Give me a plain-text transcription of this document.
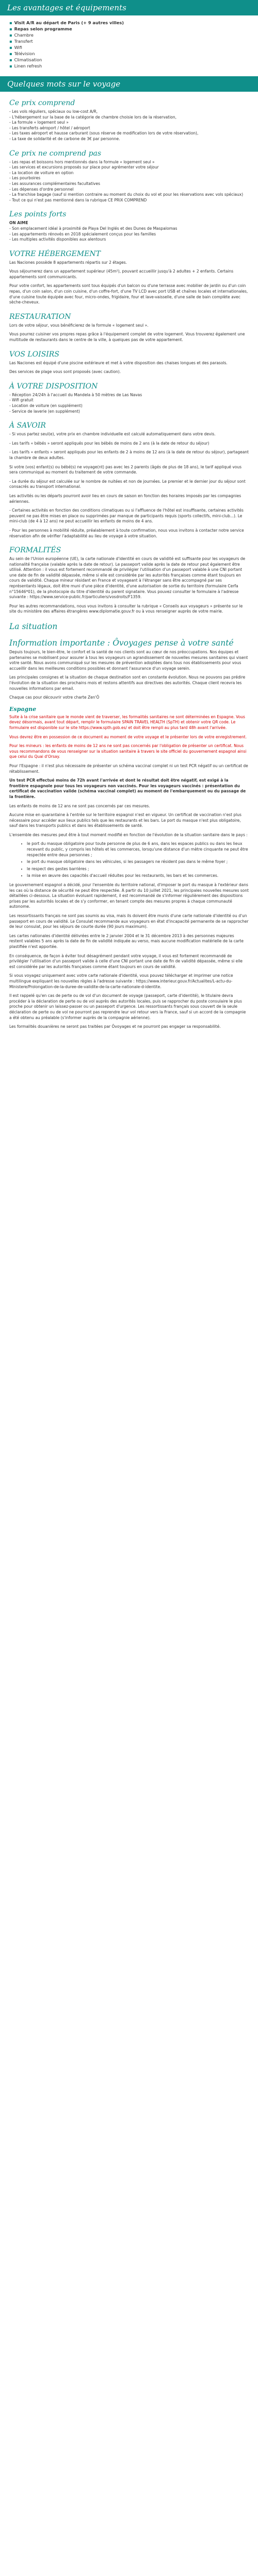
Les avantages et équipements
▪ Visit A/R au départ de Paris (+ 9 autres villes)
▪ Repas selon programme
▪ Chambre
▪ Transfert
▪ Wifi
▪ Télévision
▪ Climatisation
▪ Linen refresh
Quelques mots sur le voyage
Ce prix comprend

- Les vols réguliers, spéciaux ou low-cost A/R,

- L'hébergement sur la base de la catégorie de chambre choisie lors de la réservation,

- La formule « logement seul »

- Les transferts aéroport / hôtel / aéroport

- Les taxes aéroport et hausse carburant (sous réserve de modification lors de votre réservation),

- La taxe de solidarité et de carbone de 3€ par personne.

Ce prix ne comprend pas

- Les repas et boissons hors mentionnés dans la formule « logement seul »

- Les services et excursions proposés sur place pour agrémenter votre séjour

- La location de voiture en option

- Les pourboires

- Les assurances complémentaires facultatives

- Les dépenses d'ordre personnel

- La franchise bagage (sauf si mention contraire au moment du choix du vol et pour les réservations avec vols spéciaux)

- Tout ce qui n'est pas mentionné dans la rubrique CE PRIX COMPREND

Les points forts

ON AIME

- Son emplacement idéal à proximité de Playa Del Inglés et des Dunes de Maspalomas

- Les appartements rénovés en 2018 spécialement conçus pour les familles

- Les multiples activités disponibles aux alentours

VOTRE HÉBERGEMENT

Las Naciones possède 8 appartements répartis sur 2 étages.

Vous séjournerez dans un appartement supérieur (45m²), pouvant accueillir jusqu'à 2 adultes + 2 enfants. Certains appartements sont communicants.

Pour votre confort, les appartements sont tous équipés d'un balcon ou d'une terrasse avec mobilier de jardin ou d'un coin repas, d'un coin salon, d'un coin cuisine, d'un coffre-fort, d'une TV LCD avec port USB et chaînes locales et internationales, d'une cuisine toute équipée avec four, micro-ondes, frigidaire, four et lave-vaisselle, d'une salle de bain complète avec sèche-cheveux.

RESTAURATION

Lors de votre séjour, vous bénéficierez de la formule « logement seul ».

Vous pourrez cuisiner vos propres repas grâce à l'équipement complet de votre logement. Vous trouverez également une multitude de restaurants dans le centre de la ville, à quelques pas de votre appartement.

VOS LOISIRS

Las Naciones est équipé d'une piscine extérieure et met à votre disposition des chaises longues et des parasols.

Des services de plage vous sont proposés (avec caution).

À VOTRE DISPOSITION

- Réception 24/24h à l'accueil du Mandela à 50 mètres de Las Navas

- Wifi gratuit

- Location de voiture (en supplément)

- Service de laverie (en supplément)

À SAVOIR

- Si vous partez seul(e), votre prix en chambre individuelle est calculé automatiquement dans votre devis.

- Les tarifs « bébés » seront appliqués pour les bébés de moins de 2 ans (à la date de retour du séjour)

- Les tarifs « enfants » seront appliqués pour les enfants de 2 à moins de 12 ans (à la date de retour du séjour), partageant la chambre de deux adultes.

Si votre (vos) enfant(s) ou bébé(s) ne voyage(nt) pas avec les 2 parents (âgés de plus de 18 ans), le tarif appliqué vous sera communiqué au moment du traitement de votre commande.

- La durée du séjour est calculée sur le nombre de nuitées et non de journées. Le premier et le dernier jour du séjour sont consacrés au transport international.

Les activités ou les départs pourront avoir lieu en cours de saison en fonction des horaires imposés par les compagnies aériennes.

- Certaines activités en fonction des conditions climatiques ou si l'affluence de l'hôtel est insuffisante, certaines activités peuvent ne pas être mises en place ou supprimées par manque de participants requis (sports collectifs, mini-club...). Le mini-club (de 4 à 12 ans) ne peut accueillir les enfants de moins de 4 ans.

- Pour les personnes à mobilité réduite, préalablement à toute confirmation, nous vous invitons à contacter notre service réservation afin de vérifier l'adaptabilité au lieu de voyage à votre situation.

FORMALITÉS

Au sein de l'Union européenne (UE), la carte nationale d'identité en cours de validité est suffisante pour les voyageurs de nationalité française (valable après la date de retour). Le passeport valide après la date de retour peut également être utilisé. Attention : il vous est fortement recommandé de privilégier l'utilisation d'un passeport valable à une CNI portant une date de fin de validité dépassée, même si elle est considérée par les autorités françaises comme étant toujours en cours de validité. Chaque mineur résidant en France et voyageant à l'étranger sans être accompagné par ses représentants légaux, doit être muni d'une pièce d'identité, d'une autorisation de sortie du territoire (formulaire Cerfa n°15646*01), de la photocopie du titre d'identité du parent signataire. Vous pouvez consulter le formulaire à l'adresse suivante : https://www.service-public.fr/particuliers/vosdroits/F1359.

Pour les autres recommandations, nous vous invitons à consulter la rubrique « Conseils aux voyageurs » présente sur le site du ministère des affaires étrangères www.diplomatie.gouv.fr ou à vous renseigner auprès de votre mairie.

La situation
Information importante : Ôvoyages pense à votre santé

Depuis toujours, le bien-être, le confort et la santé de nos clients sont au cœur de nos préoccupations. Nos équipes et partenaires se mobilisent pour assurer à tous les voyageurs un agrandissement de nouvelles mesures sanitaires qui visent votre santé. Nous avons communiqué sur les mesures de prévention adoptées dans tous nos établissements pour vous accueillir dans les meilleures conditions possibles et donnant l'assurance d'un voyage serein.

Les principales consignes et la situation de chaque destination sont en constante évolution. Nous ne pouvons pas prédire l'évolution de la situation des prochains mois et restons attentifs aux directives des autorités. Chaque client recevra les nouvelles informations par email.

Chaque cas pour découvrir votre charte Zen'Ô

Espagne

Suite à la crise sanitaire que le monde vient de traverser, les formalités sanitaires ne sont déterminées en Espagne. Vous devez désormais, avant tout départ, remplir le formulaire SPAIN TRAVEL HEALTH (SpTH) et obtenir votre QR code. Le formulaire est disponible sur le site https://www.spth.gob.es/ et doit être rempli au plus tard 48h avant l'arrivée.

Vous devrez être en possession de ce document au moment de votre voyage et le présenter lors de votre enregistrement.

Pour les mineurs : les enfants de moins de 12 ans ne sont pas concernés par l'obligation de présenter un certificat. Nous vous recommandons de vous renseigner sur la situation sanitaire à travers le site officiel du gouvernement espagnol ainsi que celui du Quai d'Orsay.

Pour l'Espagne : il n'est plus nécessaire de présenter un schéma vaccinal complet ni un test PCR négatif ou un certificat de rétablissement.

Un test PCR effectué moins de 72h avant l'arrivée et dont le résultat doit être négatif, est exigé à la frontière espagnole pour tous les voyageurs non vaccinés. Pour les voyageurs vaccinés : présentation du certificat de vaccination valide (schéma vaccinal complet) au moment de l'embarquement ou du passage de la frontière.

Les enfants de moins de 12 ans ne sont pas concernés par ces mesures.

Aucune mise en quarantaine à l'entrée sur le territoire espagnol n'est en vigueur. Un certificat de vaccination n'est plus nécessaire pour accéder aux lieux publics tels que les restaurants et les bars. Le port du masque n'est plus obligatoire, sauf dans les transports publics et dans les établissements de santé.

L'ensemble des mesures peut être à tout moment modifié en fonction de l'évolution de la situation sanitaire dans le pays :

• le port du masque obligatoire pour toute personne de plus de 6 ans, dans les espaces publics ou dans les lieux recevant du public, y compris les hôtels et les commerces, lorsqu'une distance d'un mètre cinquante ne peut être respectée entre deux personnes ;
• le port du masque obligatoire dans les véhicules, si les passagers ne résident pas dans le même foyer ;
• le respect des gestes barrières ;
• la mise en œuvre des capacités d'accueil réduites pour les restaurants, les bars et les commerces.

Le gouvernement espagnol a décidé, pour l'ensemble du territoire national, d'imposer le port du masque à l'extérieur dans les cas où la distance de sécurité ne peut être respectée. À partir du 10 juillet 2021, les principales nouvelles mesures sont détaillées ci-dessous. La situation évoluant rapidement, il est recommandé de s'informer régulièrement des dispositions prises par les autorités locales et de s'y conformer, en tenant compte des mesures propres à chaque communauté autonome.

Les ressortissants français ne sont pas soumis au visa, mais ils doivent être munis d'une carte nationale d'identité ou d'un passeport en cours de validité. Le Consulat recommande aux voyageurs en état d'incapacité permanente de se rapprocher de leur consulat, pour les séjours de courte durée (90 jours maximum).

Les cartes nationales d'identité délivrées entre le 2 janvier 2004 et le 31 décembre 2013 à des personnes majeures restent valables 5 ans après la date de fin de validité indiquée au verso, mais aucune modification matérielle de la carte plastifiée n'est apportée.

En conséquence, de façon à éviter tout désagrément pendant votre voyage, il vous est fortement recommandé de privilégier l'utilisation d'un passeport valide à celle d'une CNI portant une date de fin de validité dépassée, même si elle est considérée par les autorités françaises comme étant toujours en cours de validité.

Si vous voyagez uniquement avec votre carte nationale d'identité, vous pouvez télécharger et imprimer une notice multilingue expliquant les nouvelles règles à l'adresse suivante : https://www.interieur.gouv.fr/Actualites/L-actu-du-Ministere/Prolongation-de-la-duree-de-validite-de-la-carte-nationale-d-identite.

Il est rappelé qu'en cas de perte ou de vol d'un document de voyage (passeport, carte d'identité), le titulaire devra procéder à la déclaration de perte ou de vol auprès des autorités locales, puis se rapprocher du poste consulaire le plus proche pour obtenir un laissez-passer ou un passeport d'urgence. Les ressortissants français sous couvert de la seule déclaration de perte ou de vol ne pourront pas reprendre leur vol retour vers la France, sauf si un accord de la compagnie a été obtenu au préalable (s'informer auprès de la compagnie aérienne).

Les formalités douanières ne seront pas traitées par Ôvoyages et ne pourront pas engager sa responsabilité.
